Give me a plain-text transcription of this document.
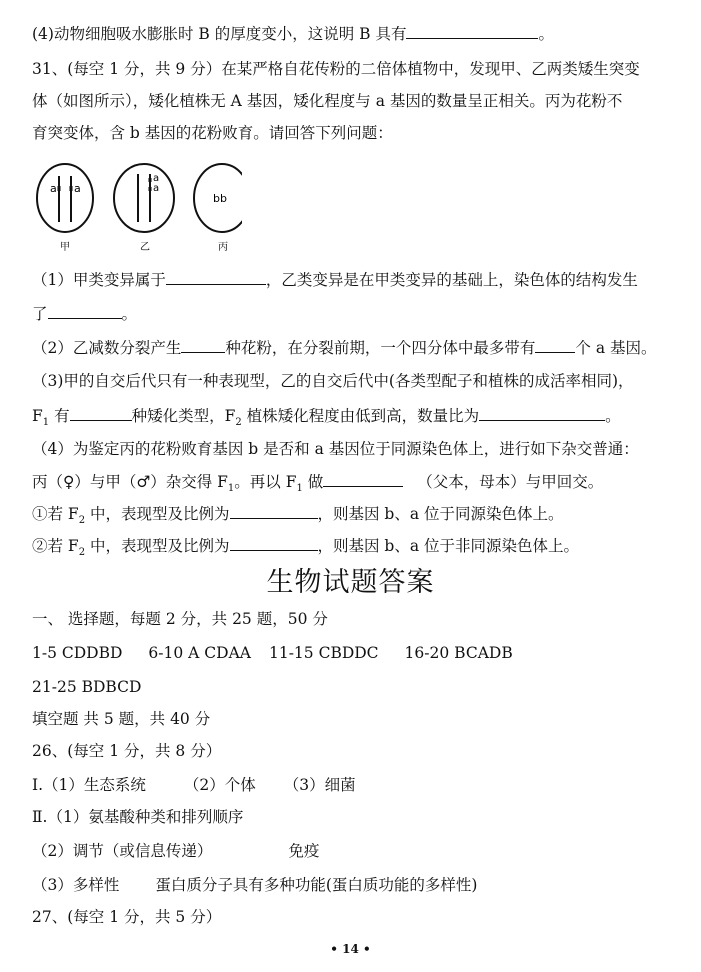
(4)动物细胞吸水膨胀时 B 的厚度变小，这说明 B 具有	。
31、(每空 1 分，共 9 分）在某严格自花传粉的二倍体植物中，发现甲、乙两类矮生突变
体（如图所示），矮化植株无 A 基因，矮化程度与 a 基因的数量呈正相关。丙为花粉不
育突变体，含 b 基因的花粉败育。请回答下列问题：
a a
甲
a
a
乙
bb
丙
（1）甲类变异属于	，乙类变异是在甲类变异的基础上，染色体的结构发生
了	。
（2）乙减数分裂产生	种花粉，在分裂前期，一个四分体中最多带有	个 a 基因。
（3)甲的自交后代只有一种表现型，乙的自交后代中(各类型配子和植株的成活率相同)，
$F_1$ 有	种矮化类型，$F_2$ 植株矮化程度由低到高，数量比为	。
（4）为鉴定丙的花粉败育基因 b 是否和 a 基因位于同源染色体上，进行如下杂交普通：
丙（♀）与甲（♂）杂交得 $F_1$。再以 $F_1$ 做	（父本，母本）与甲回交。
①若 $F_2$ 中，表现型及比例为	，则基因 b、a 位于同源染色体上。
②若 $F_2$ 中，表现型及比例为	，则基因 b、a 位于非同源染色体上。
生物试题答案
一、 选择题，每题 2 分，共 25 题，50 分
1-5 CDDBD 6-10 A CDAA 11-15 CBDDC 16-20 BCADB
21-25 BDBCD
填空题 共 5 题，共 40 分
26、(每空 1 分，共 8 分）
Ⅰ.（1）生态系统 （2）个体 （3）细菌
Ⅱ.（1）氨基酸种类和排列顺序
（2）调节（或信息传递）	免疫
（3）多样性 蛋白质分子具有多种功能(蛋白质功能的多样性)
27、(每空 1 分，共 5 分）
• 14 •
